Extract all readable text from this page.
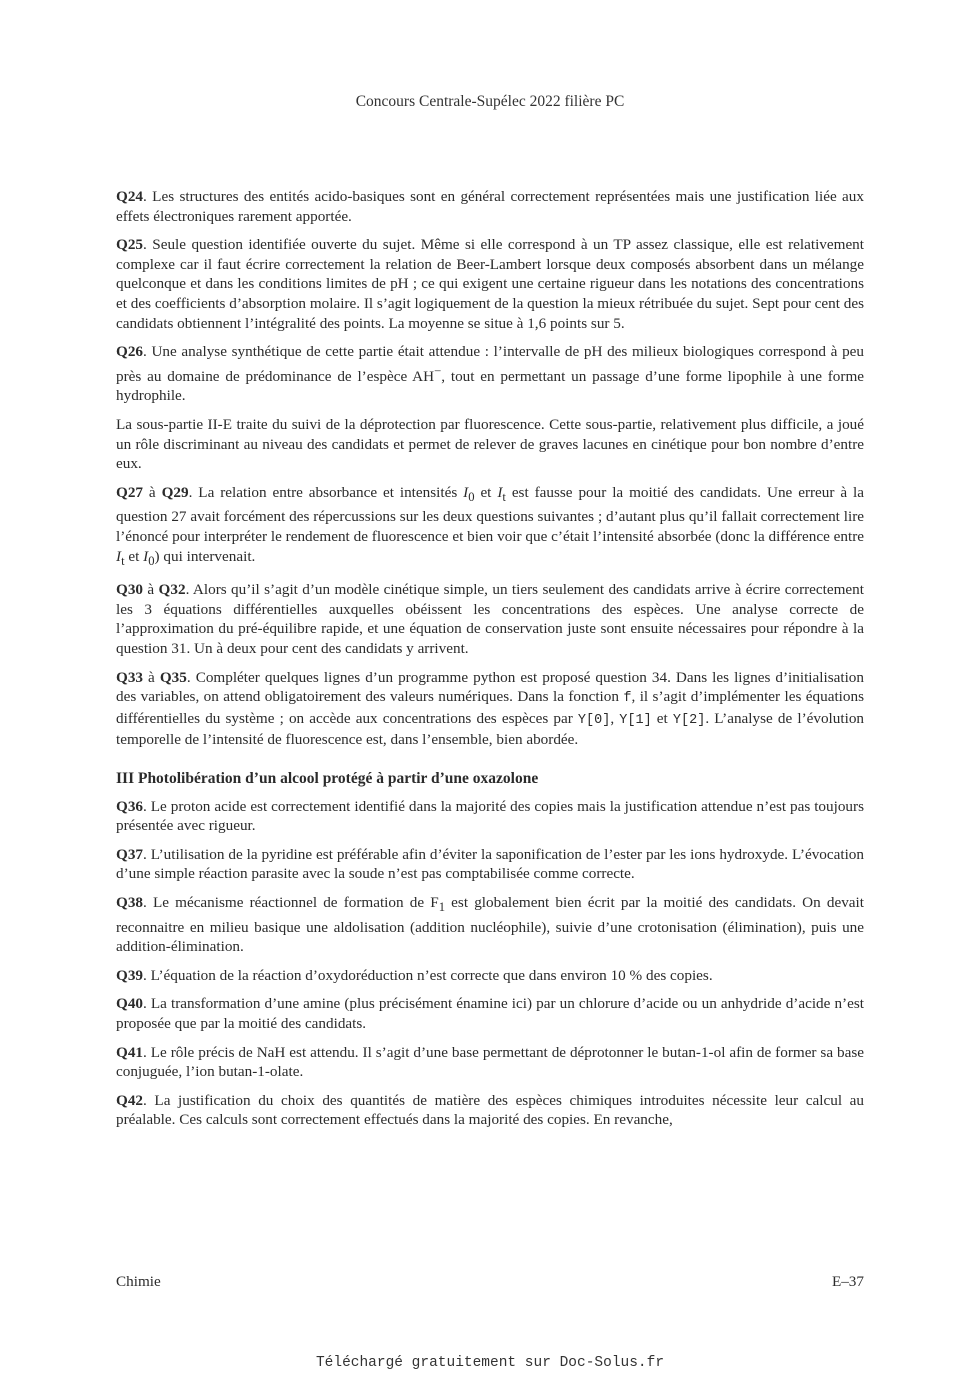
Concours Centrale-Supélec 2022 filière PC

Q24. Les structures des entités acido-basiques sont en général correctement représentées mais une justification liée aux effets électroniques rarement apportée.

Q25. Seule question identifiée ouverte du sujet. Même si elle correspond à un TP assez classique, elle est relativement complexe car il faut écrire correctement la relation de Beer-Lambert lorsque deux composés absorbent dans un mélange quelconque et dans les conditions limites de pH ; ce qui exigent une certaine rigueur dans les notations des concentrations et des coefficients d’absorption molaire. Il s’agit logiquement de la question la mieux rétribuée du sujet. Sept pour cent des candidats obtiennent l’intégralité des points. La moyenne se situe à 1,6 points sur 5.

Q26. Une analyse synthétique de cette partie était attendue : l’intervalle de pH des milieux biologiques correspond à peu près au domaine de prédominance de l’espèce AH−, tout en permettant un passage d’une forme lipophile à une forme hydrophile.

La sous-partie II-E traite du suivi de la déprotection par fluorescence. Cette sous-partie, relativement plus difficile, a joué un rôle discriminant au niveau des candidats et permet de relever de graves lacunes en cinétique pour bon nombre d’entre eux.

Q27 à Q29. La relation entre absorbance et intensités $I_0$ et $I_t$ est fausse pour la moitié des candidats. Une erreur à la question 27 avait forcément des répercussions sur les deux questions suivantes ; d’autant plus qu’il fallait correctement lire l’énoncé pour interpréter le rendement de fluorescence et bien voir que c’était l’intensité absorbée (donc la différence entre $I_t$ et $I_0$) qui intervenait.

Q30 à Q32. Alors qu’il s’agit d’un modèle cinétique simple, un tiers seulement des candidats arrive à écrire correctement les 3 équations différentielles auxquelles obéissent les concentrations des espèces. Une analyse correcte de l’approximation du pré-équilibre rapide, et une équation de conservation juste sont ensuite nécessaires pour répondre à la question 31. Un à deux pour cent des candidats y arrivent.

Q33 à Q35. Compléter quelques lignes d’un programme python est proposé question 34. Dans les lignes d’initialisation des variables, on attend obligatoirement des valeurs numériques. Dans la fonction f, il s’agit d’implémenter les équations différentielles du système ; on accède aux concentrations des espèces par Y[0], Y[1] et Y[2]. L’analyse de l’évolution temporelle de l’intensité de fluorescence est, dans l’ensemble, bien abordée.

III Photolibération d’un alcool protégé à partir d’une oxazolone

Q36. Le proton acide est correctement identifié dans la majorité des copies mais la justification attendue n’est pas toujours présentée avec rigueur.

Q37. L’utilisation de la pyridine est préférable afin d’éviter la saponification de l’ester par les ions hydroxyde. L’évocation d’une simple réaction parasite avec la soude n’est pas comptabilisée comme correcte.

Q38. Le mécanisme réactionnel de formation de $F_1$ est globalement bien écrit par la moitié des candidats. On devait reconnaitre en milieu basique une aldolisation (addition nucléophile), suivie d’une crotonisation (élimination), puis une addition-élimination.

Q39. L’équation de la réaction d’oxydoréduction n’est correcte que dans environ 10 % des copies.

Q40. La transformation d’une amine (plus précisément énamine ici) par un chlorure d’acide ou un anhydride d’acide n’est proposée que par la moitié des candidats.

Q41. Le rôle précis de NaH est attendu. Il s’agit d’une base permettant de déprotonner le butan-1-ol afin de former sa base conjuguée, l’ion butan-1-olate.

Q42. La justification du choix des quantités de matière des espèces chimiques introduites nécessite leur calcul au préalable. Ces calculs sont correctement effectués dans la majorité des copies. En revanche,

Chimie	E–37
Téléchargé gratuitement sur Doc-Solus.fr
